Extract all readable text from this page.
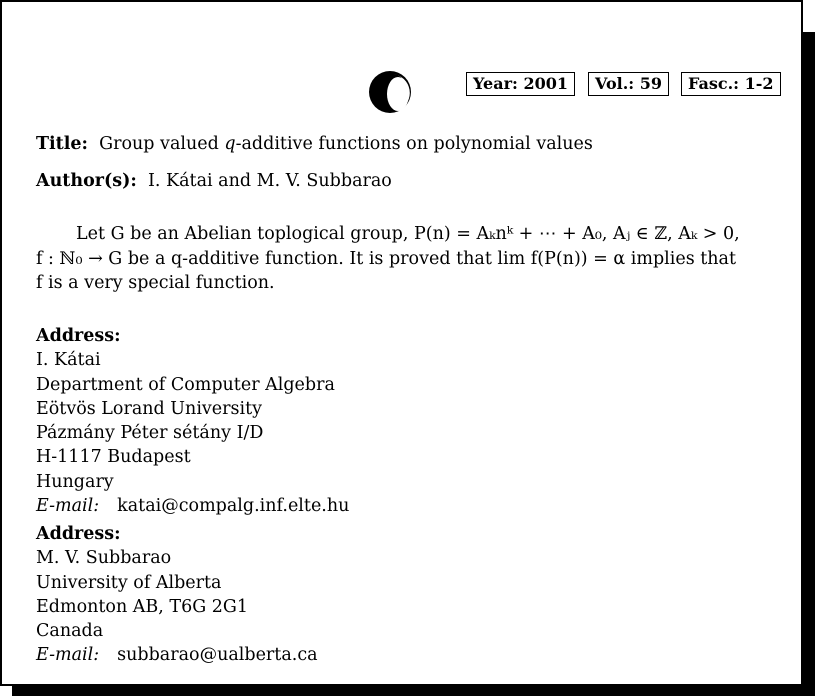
Year: 2001	Vol.: 59	Fasc.: 1-2
Title: Group valued q-additive functions on polynomial values
Author(s): I. Kátai and M. V. Subbarao
Let G be an Abelian toplogical group, P(n) = Aₖnᵏ + ⋯ + A₀, Aⱼ ∈ ℤ, Aₖ > 0,
f : ℕ₀ → G be a q-additive function. It is proved that lim f(P(n)) = α implies that
f is a very special function.
Address:
I. Kátai
Department of Computer Algebra
Eötvös Lorand University
Pázmány Péter sétány I/D
H-1117 Budapest
Hungary
E-mail: katai@compalg.inf.elte.hu
Address:
M. V. Subbarao
University of Alberta
Edmonton AB, T6G 2G1
Canada
E-mail: subbarao@ualberta.ca
